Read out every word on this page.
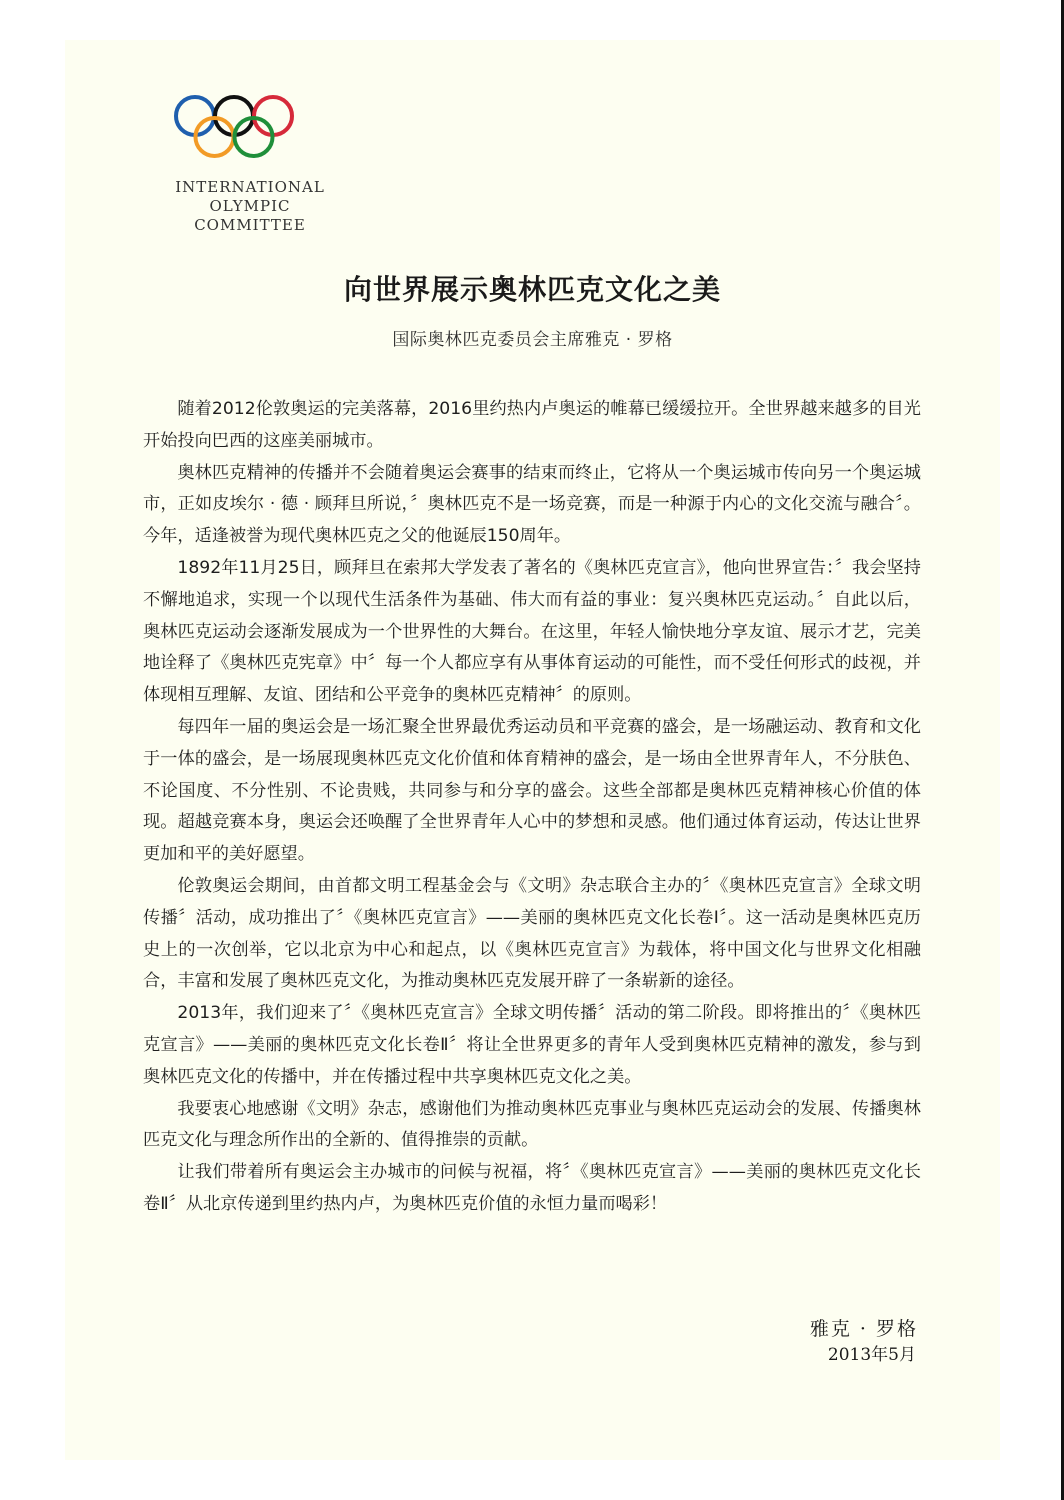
INTERNATIONAL
OLYMPIC
COMMITTEE
向世界展示奥林匹克文化之美
国际奥林匹克委员会主席雅克 · 罗格

随着2012伦敦奥运的完美落幕，2016里约热内卢奥运的帷幕已缓缓拉开。全世界越来越多的目光开始投向巴西的这座美丽城市。

奥林匹克精神的传播并不会随着奥运会赛事的结束而终止，它将从一个奥运城市传向另一个奥运城市，正如皮埃尔 · 德 · 顾拜旦所说，〞奥林匹克不是一场竞赛，而是一种源于内心的文化交流与融合〞。今年，适逢被誉为现代奥林匹克之父的他诞辰150周年。

1892年11月25日，顾拜旦在索邦大学发表了著名的《奥林匹克宣言》，他向世界宣告：〞我会坚持不懈地追求，实现一个以现代生活条件为基础、伟大而有益的事业：复兴奥林匹克运动。〞自此以后，奥林匹克运动会逐渐发展成为一个世界性的大舞台。在这里，年轻人愉快地分享友谊、展示才艺，完美地诠释了《奥林匹克宪章》中〞每一个人都应享有从事体育运动的可能性，而不受任何形式的歧视，并体现相互理解、友谊、团结和公平竞争的奥林匹克精神〞的原则。

每四年一届的奥运会是一场汇聚全世界最优秀运动员和平竞赛的盛会，是一场融运动、教育和文化于一体的盛会，是一场展现奥林匹克文化价值和体育精神的盛会，是一场由全世界青年人，不分肤色、不论国度、不分性别、不论贵贱，共同参与和分享的盛会。这些全部都是奥林匹克精神核心价值的体现。超越竞赛本身，奥运会还唤醒了全世界青年人心中的梦想和灵感。他们通过体育运动，传达让世界更加和平的美好愿望。

伦敦奥运会期间，由首都文明工程基金会与《文明》杂志联合主办的〞《奥林匹克宣言》全球文明传播〞活动，成功推出了〞《奥林匹克宣言》——美丽的奥林匹克文化长卷Ⅰ〞。这一活动是奥林匹克历史上的一次创举，它以北京为中心和起点，以《奥林匹克宣言》为载体，将中国文化与世界文化相融合，丰富和发展了奥林匹克文化，为推动奥林匹克发展开辟了一条崭新的途径。

2013年，我们迎来了〞《奥林匹克宣言》全球文明传播〞活动的第二阶段。即将推出的〞《奥林匹克宣言》——美丽的奥林匹克文化长卷Ⅱ〞将让全世界更多的青年人受到奥林匹克精神的激发，参与到奥林匹克文化的传播中，并在传播过程中共享奥林匹克文化之美。

我要衷心地感谢《文明》杂志，感谢他们为推动奥林匹克事业与奥林匹克运动会的发展、传播奥林匹克文化与理念所作出的全新的、值得推崇的贡献。

让我们带着所有奥运会主办城市的问候与祝福，将〞《奥林匹克宣言》——美丽的奥林匹克文化长卷Ⅱ〞从北京传递到里约热内卢，为奥林匹克价值的永恒力量而喝彩！

雅克 · 罗格
2013年5月
